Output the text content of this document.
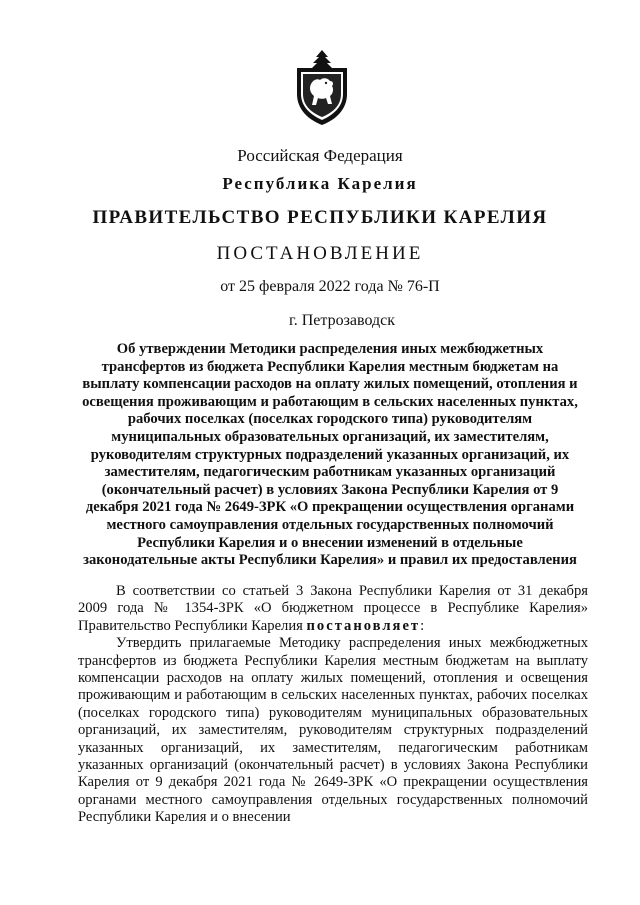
Российская Федерация
Республика Карелия
ПРАВИТЕЛЬСТВО РЕСПУБЛИКИ КАРЕЛИЯ
ПОСТАНОВЛЕНИЕ
от 25 февраля 2022 года № 76-П
г. Петрозаводск
Об утверждении Методики распределения иных межбюджетных трансфертов из бюджета Республики Карелия местным бюджетам на выплату компенсации расходов на оплату жилых помещений, отопления и освещения проживающим и работающим в сельских населенных пунктах, рабочих поселках (поселках городского типа) руководителям муниципальных образовательных организаций, их заместителям, руководителям структурных подразделений указанных организаций, их заместителям, педагогическим работникам указанных организаций (окончательный расчет) в условиях Закона Республики Карелия от 9 декабря 2021 года № 2649-ЗРК «О прекращении осуществления органами местного самоуправления отдельных государственных полномочий Республики Карелия и о внесении изменений в отдельные законодательные акты Республики Карелия» и правил их предоставления

В соответствии со статьей 3 Закона Республики Карелия от 31 декабря 2009 года № 1354-ЗРК «О бюджетном процессе в Республике Карелия» Правительство Республики Карелия постановляет:

Утвердить прилагаемые Методику распределения иных межбюджетных трансфертов из бюджета Республики Карелия местным бюджетам на выплату компенсации расходов на оплату жилых помещений, отопления и освещения проживающим и работающим в сельских населенных пунктах, рабочих поселках (поселках городского типа) руководителям муниципальных образовательных организаций, их заместителям, руководителям структурных подразделений указанных организаций, их заместителям, педагогическим работникам указанных организаций (окончательный расчет) в условиях Закона Республики Карелия от 9 декабря 2021 года № 2649-ЗРК «О прекращении осуществления органами местного самоуправления отдельных государственных полномочий Республики Карелия и о внесении
